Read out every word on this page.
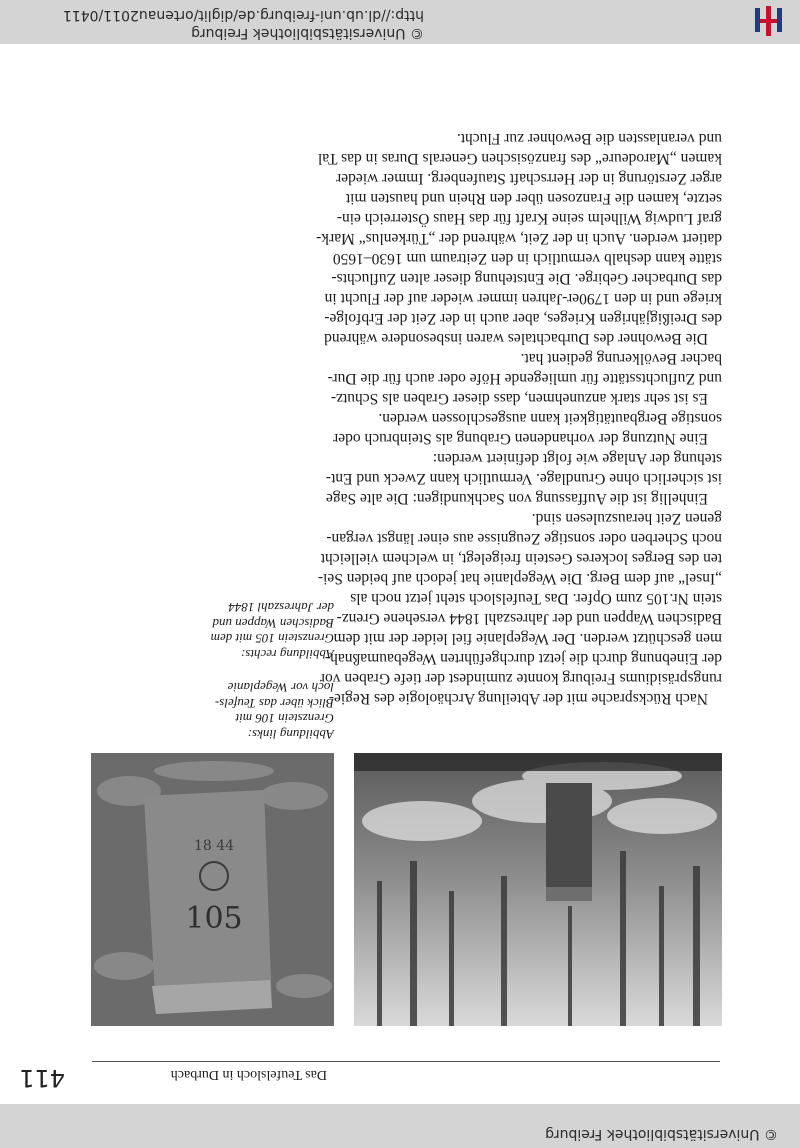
© Universitätsbibliothek Freiburg
© Universitätsbibliothek Freiburg
http://dl.ub.uni-freiburg.de/diglit/ortenau2011/0411
411	Das Teufelsloch in Durbach
105
18 44
Abbildung links:
Grenzstein 106 mit
Blick über das Teufels-
loch vor Wegeplanie
Abbildung rechts:
Grenzstein 105 mit dem
Badischen Wappen und
der Jahreszahl 1844
Nach Rücksprache mit der Abteilung Archäologie des Regie-
rungspräsidiums Freiburg konnte zumindest der tiefe Graben vor
der Einebnung durch die jetzt durchgeführten Wegebaumaßnah-
men geschützt werden. Der Wegeplanie fiel leider der mit dem
Badischen Wappen und der Jahreszahl 1844 versehene Grenz-
stein Nr.105 zum Opfer. Das Teufelsloch steht jetzt noch als
„Insel“ auf dem Berg. Die Wegeplanie hat jedoch auf beiden Sei-
ten des Berges lockeres Gestein freigelegt, in welchem vielleicht
noch Scherben oder sonstige Zeugnisse aus einer längst vergan-
genen Zeit herauszulesen sind.
Einhellig ist die Auffassung von Sachkundigen: Die alte Sage
ist sicherlich ohne Grundlage. Vermutlich kann Zweck und Ent-
stehung der Anlage wie folgt definiert werden:
Eine Nutzung der vorhandenen Grabung als Steinbruch oder
sonstige Bergbautätigkeit kann ausgeschlossen werden.
Es ist sehr stark anzunehmen, dass dieser Graben als Schutz-
und Zufluchtsstätte für umliegende Höfe oder auch für die Dur-
bacher Bevölkerung gedient hat.
Die Bewohner des Durbachtales waren insbesondere während
des Dreißigjährigen Krieges, aber auch in der Zeit der Erbfolge-
kriege und in den 1790er-Jahren immer wieder auf der Flucht in
das Durbacher Gebirge. Die Entstehung dieser alten Zufluchts-
stätte kann deshalb vermutlich in den Zeitraum um 1630–1650
datiert werden. Auch in der Zeit, während der „Türkenlus“ Mark-
graf Ludwig Wilhelm seine Kraft für das Haus Österreich ein-
setzte, kamen die Franzosen über den Rhein und hausten mit
arger Zerstörung in der Herrschaft Staufenberg. Immer wieder
kamen „Marodeure“ des französischen Generals Duras in das Tal
und veranlassten die Bewohner zur Flucht.
